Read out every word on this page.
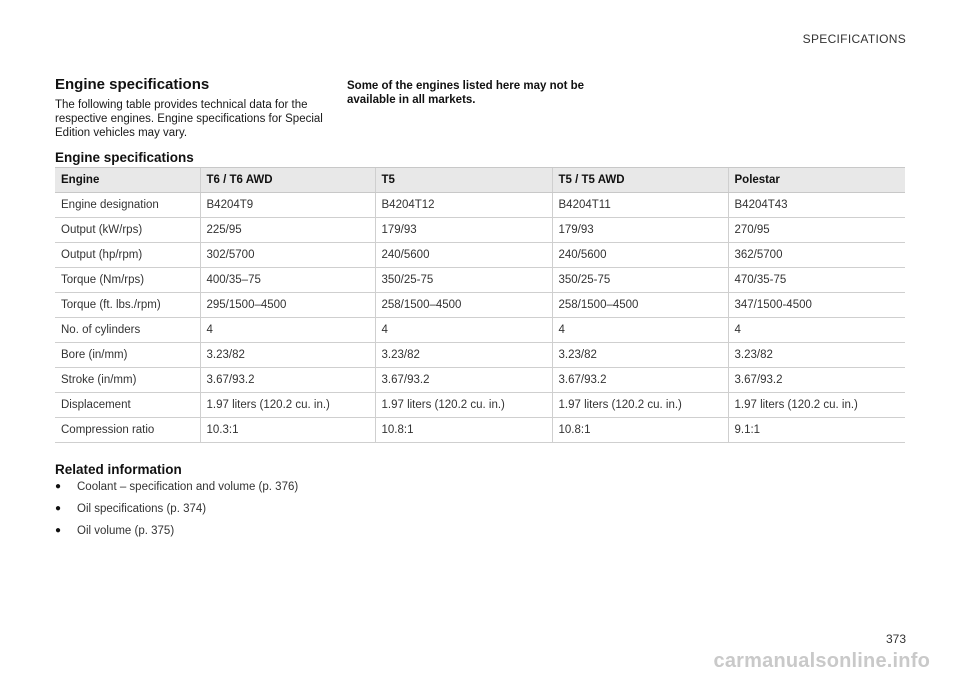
SPECIFICATIONS
Engine specifications

The following table provides technical data for the respective engines. Engine specifications for Special Edition vehicles may vary.

Some of the engines listed here may not be available in all markets.

Engine specifications
Engine	T6 / T6 AWD	T5	T5 / T5 AWD	Polestar
Engine designation	B4204T9	B4204T12	B4204T11	B4204T43
Output (kW/rps)	225/95	179/93	179/93	270/95
Output (hp/rpm)	302/5700	240/5600	240/5600	362/5700
Torque (Nm/rps)	400/35–75	350/25-75	350/25-75	470/35-75
Torque (ft. lbs./rpm)	295/1500–4500	258/1500–4500	258/1500–4500	347/1500-4500
No. of cylinders	4	4	4	4
Bore (in/mm)	3.23/82	3.23/82	3.23/82	3.23/82
Stroke (in/mm)	3.67/93.2	3.67/93.2	3.67/93.2	3.67/93.2
Displacement	1.97 liters (120.2 cu. in.)	1.97 liters (120.2 cu. in.)	1.97 liters (120.2 cu. in.)	1.97 liters (120.2 cu. in.)
Compression ratio	10.3:1	10.8:1	10.8:1	9.1:1
Related information
●	Coolant – specification and volume (p. 376)
●	Oil specifications (p. 374)
●	Oil volume (p. 375)
373
carmanualsonline.info
